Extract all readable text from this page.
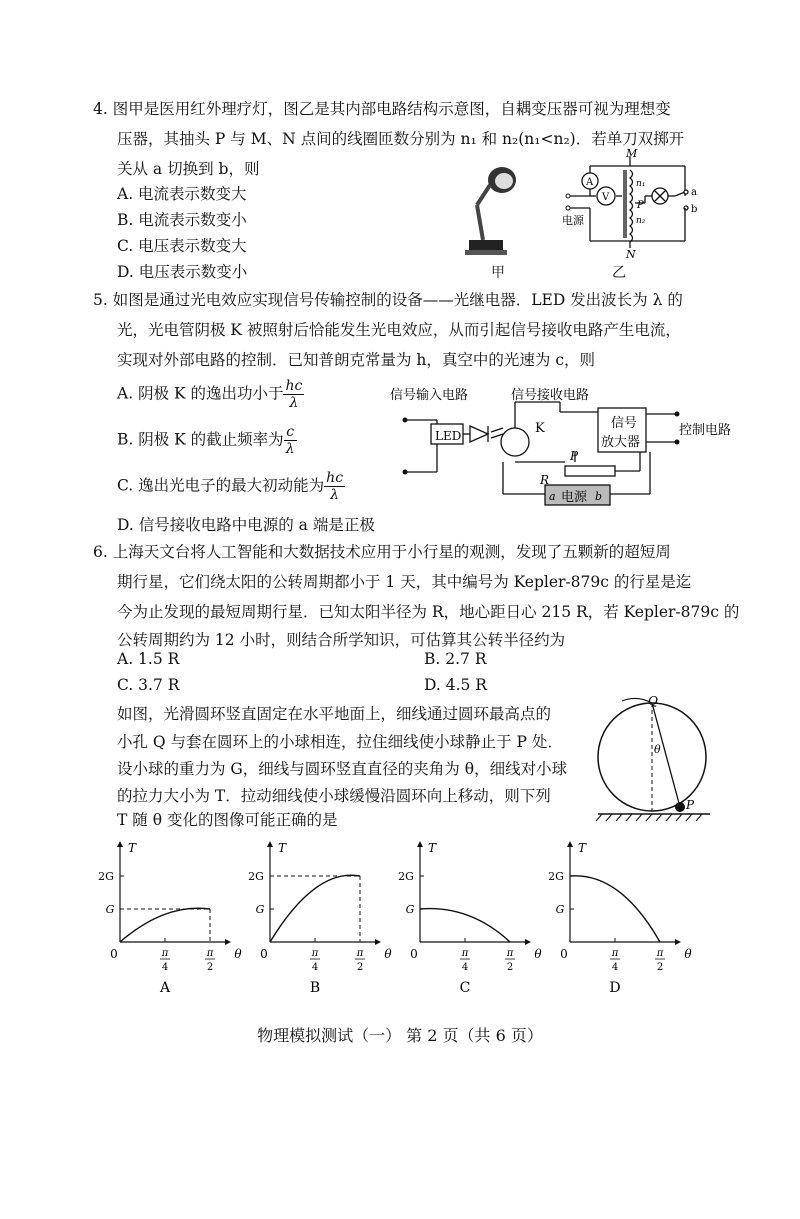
4. 图甲是医用红外理疗灯，图乙是其内部电路结构示意图，自耦变压器可视为理想变
压器，其抽头 P 与 M、N 点间的线圈匝数分别为 n₁ 和 n₂(n₁<n₂)．若单刀双掷开
关从 a 切换到 b，则
A. 电流表示数变大
B. 电流表示数变小
C. 电压表示数变大
D. 电压表示数变小	甲
A
V
M
N
n₁
n₂
P
a
b
电源
乙
5. 如图是通过光电效应实现信号传输控制的设备——光继电器．LED 发出波长为 λ 的
光，光电管阴极 K 被照射后恰能发生光电效应，从而引起信号接收电路产生电流，
实现对外部电路的控制．已知普朗克常量为 h，真空中的光速为 c，则
A. 阴极 K 的逸出功小于 $\frac{hc}{\lambda}$
B. 阴极 K 的截止频率为 $\frac{c}{\lambda}$
C. 逸出光电子的最大初动能为 $\frac{hc}{\lambda}$
D. 信号接收电路中电源的 a 端是正极
信号输入电路	信号接收电路
LED	K	信号
放大器
控制电路
P
R
a	b
电源
6. 上海天文台将人工智能和大数据技术应用于小行星的观测，发现了五颗新的超短周
期行星，它们绕太阳的公转周期都小于 1 天，其中编号为 Kepler-879c 的行星是迄
今为止发现的最短周期行星．已知太阳半径为 R，地心距日心 215 R，若 Kepler-879c 的
公转周期约为 12 小时，则结合所学知识，可估算其公转半径约为
A. 1.5 R	B. 2.7 R
C. 3.7 R	D. 4.5 R
如图，光滑圆环竖直固定在水平地面上，细线通过圆环最高点的
小孔 Q 与套在圆环上的小球相连，拉住细线使小球静止于 P 处．
设小球的重力为 G，细线与圆环竖直直径的夹角为 θ，细线对小球
的拉力大小为 T．拉动细线使小球缓慢沿圆环向上移动，则下列
T 随 θ 变化的图像可能正确的是
Q
P
θ
T
θ
0
2G
G
π
4
π
2
A
T
θ
0
2G
G
π
4
π
2
B
T
θ
0
2G
G
π
4
π
2
C
T
θ
0
2G
G
π
4
π
2
D
物理模拟测试（一） 第 2 页（共 6 页）
